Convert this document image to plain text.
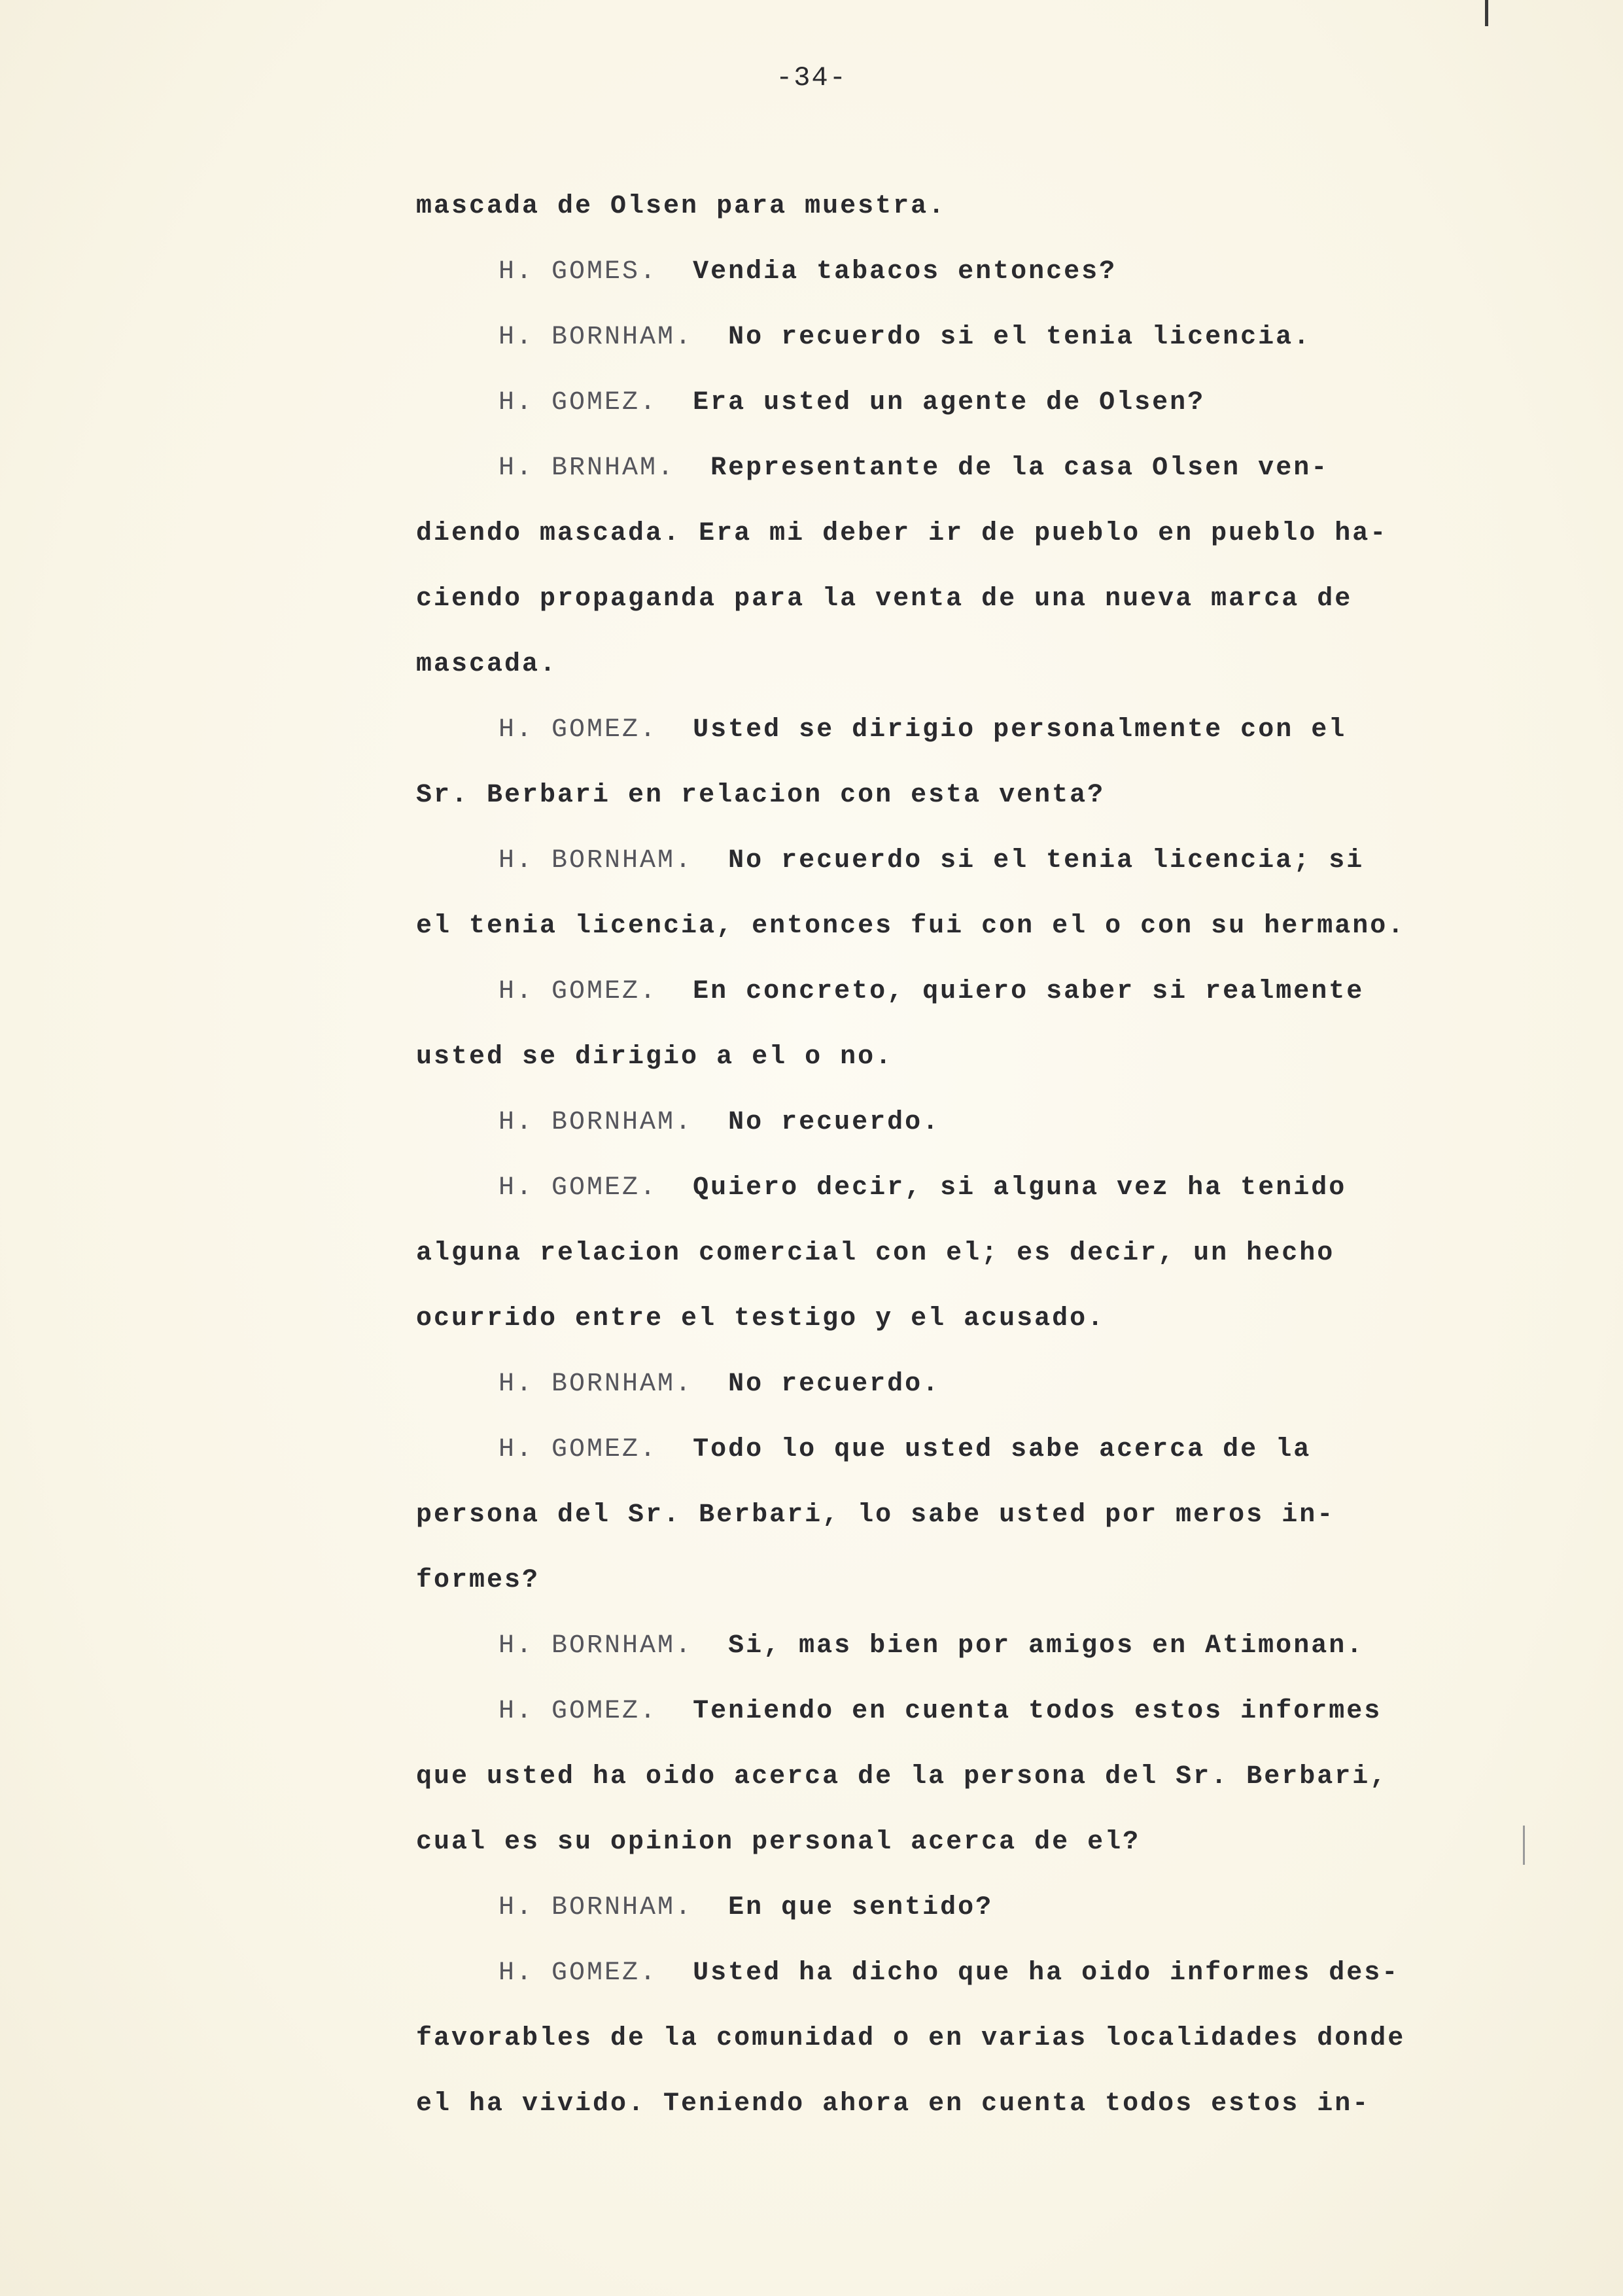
-34-
mascada de Olsen para muestra.
H. GOMES. Vendia tabacos entonces?
H. BORNHAM. No recuerdo si el tenia licencia.
H. GOMEZ. Era usted un agente de Olsen?
H. BRNHAM. Representante de la casa Olsen ven-
diendo mascada. Era mi deber ir de pueblo en pueblo ha-
ciendo propaganda para la venta de una nueva marca de
mascada.
H. GOMEZ. Usted se dirigio personalmente con el
Sr. Berbari en relacion con esta venta?
H. BORNHAM. No recuerdo si el tenia licencia; si
el tenia licencia, entonces fui con el o con su hermano.
H. GOMEZ. En concreto, quiero saber si realmente
usted se dirigio a el o no.
H. BORNHAM. No recuerdo.
H. GOMEZ. Quiero decir, si alguna vez ha tenido
alguna relacion comercial con el; es decir, un hecho
ocurrido entre el testigo y el acusado.
H. BORNHAM. No recuerdo.
H. GOMEZ. Todo lo que usted sabe acerca de la
persona del Sr. Berbari, lo sabe usted por meros in-
formes?
H. BORNHAM. Si, mas bien por amigos en Atimonan.
H. GOMEZ. Teniendo en cuenta todos estos informes
que usted ha oido acerca de la persona del Sr. Berbari,
cual es su opinion personal acerca de el?
H. BORNHAM. En que sentido?
H. GOMEZ. Usted ha dicho que ha oido informes des-
favorables de la comunidad o en varias localidades donde
el ha vivido. Teniendo ahora en cuenta todos estos in-
